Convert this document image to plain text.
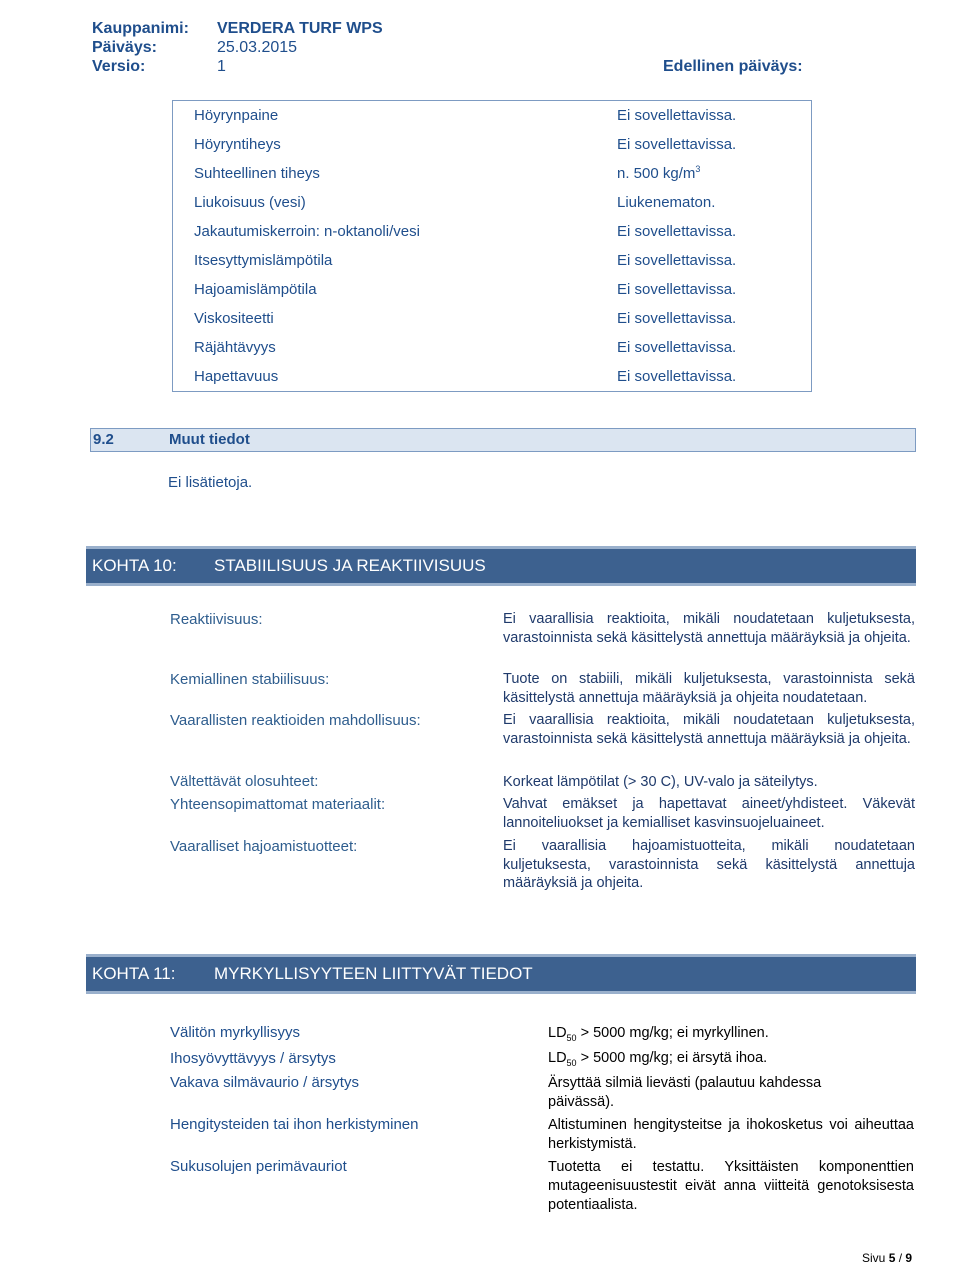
Kauppanimi: VERDERA TURF WPS
Päiväys:	25.03.2015
Versio:	1	Edellinen päiväys:
Höyrynpaine	Ei sovellettavissa.
Höyryntiheys	Ei sovellettavissa.
Suhteellinen tiheys	n. 500 $kg/m^3$
Liukoisuus (vesi)	Liukenematon.
Jakautumiskerroin: n-oktanoli/vesi	Ei sovellettavissa.
Itsesyttymislämpötila	Ei sovellettavissa.
Hajoamislämpötila	Ei sovellettavissa.
Viskositeetti	Ei sovellettavissa.
Räjähtävyys	Ei sovellettavissa.
Hapettavuus	Ei sovellettavissa.
9.2	Muut tiedot
Ei lisätietoja.
KOHTA 10: STABIILISUUS JA REAKTIIVISUUS
Reaktiivisuus:	Ei vaarallisia reaktioita, mikäli noudatetaan kuljetuksesta, varastoinnista sekä käsittelystä annettuja määräyksiä ja ohjeita.
Kemiallinen stabiilisuus:	Tuote on stabiili, mikäli kuljetuksesta, varastoinnista sekä käsittelystä annettuja määräyksiä ja ohjeita noudatetaan.
Vaarallisten reaktioiden mahdollisuus:	Ei vaarallisia reaktioita, mikäli noudatetaan kuljetuksesta, varastoinnista sekä käsittelystä annettuja määräyksiä ja ohjeita.
Vältettävät olosuhteet:	Korkeat lämpötilat (> 30 C), UV-valo ja säteilytys.
Yhteensopimattomat materiaalit:	Vahvat emäkset ja hapettavat aineet/yhdisteet. Väkevät lannoiteliuokset ja kemialliset kasvinsuojeluaineet.
Vaaralliset hajoamistuotteet:	Ei vaarallisia hajoamistuotteita, mikäli noudatetaan kuljetuksesta, varastoinnista sekä käsittelystä annettuja määräyksiä ja ohjeita.
KOHTA 11: MYRKYLLISYYTEEN LIITTYVÄT TIEDOT
Välitön myrkyllisyys	$LD_{50} > 5000$ mg/kg; ei myrkyllinen.
Ihosyövyttävyys / ärsytys	$LD_{50} > 5000$ mg/kg; ei ärsytä ihoa.
Vakava silmävaurio / ärsytys	Ärsyttää silmiä lievästi (palautuu kahdessa päivässä).
Hengitysteiden tai ihon herkistyminen	Altistuminen hengitysteitse ja ihokosketus voi aiheuttaa herkistymistä.
Sukusolujen perimävauriot	Tuotetta ei testattu. Yksittäisten komponenttien mutageenisuustestit eivät anna viitteitä genotoksisesta potentiaalista.
Sivu 5 / 9
